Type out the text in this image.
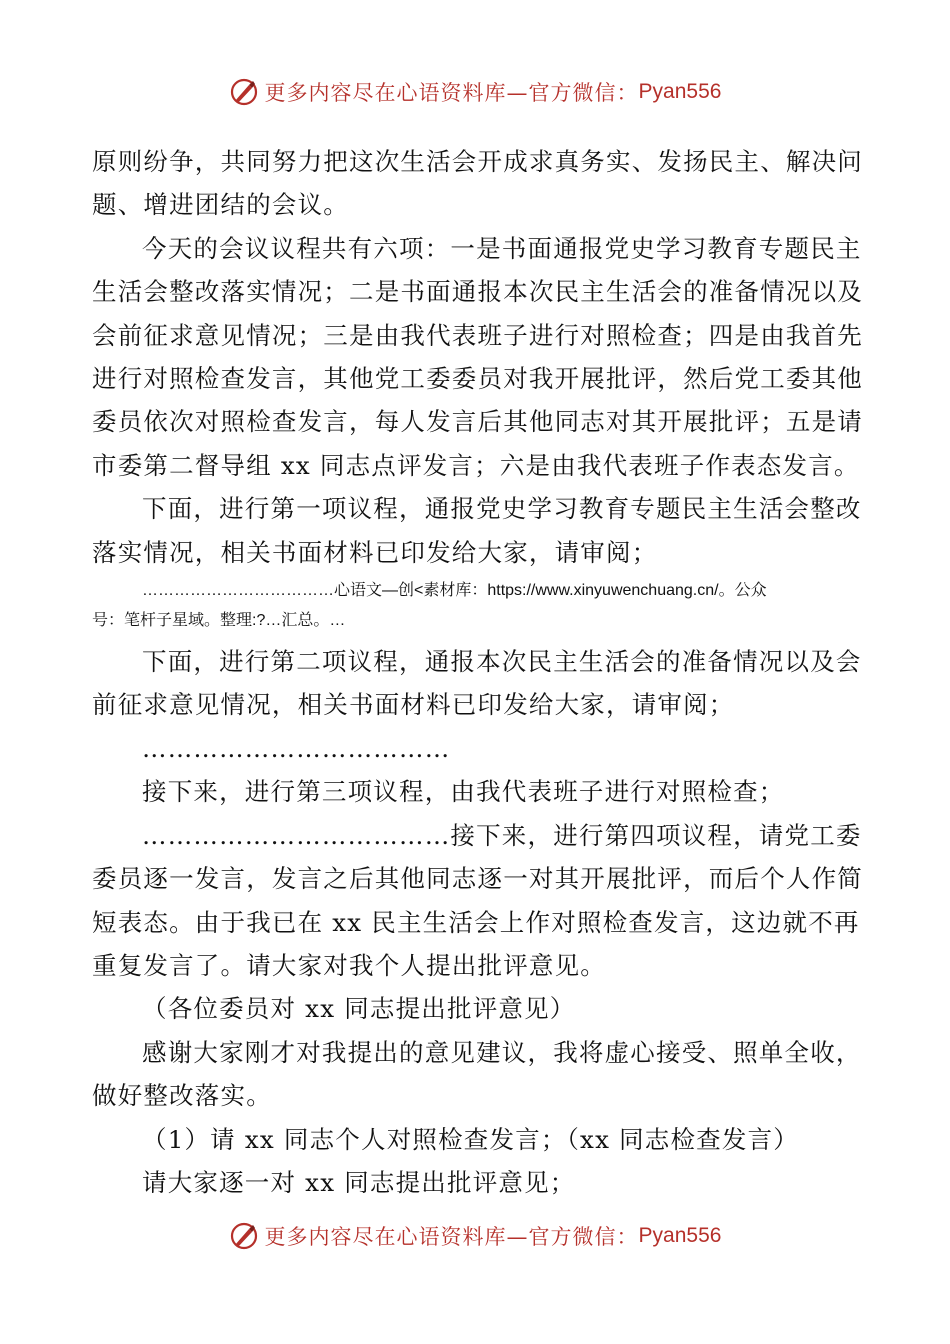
更多内容尽在心语资料库—官方微信： Pyan556
原则纷争，共同努力把这次生活会开成求真务实、发扬民主、解决问
题、增进团结的会议。
今天的会议议程共有六项：一是书面通报党史学习教育专题民主
生活会整改落实情况；二是书面通报本次民主生活会的准备情况以及
会前征求意见情况；三是由我代表班子进行对照检查；四是由我首先
进行对照检查发言，其他党工委委员对我开展批评，然后党工委其他
委员依次对照检查发言，每人发言后其他同志对其开展批评；五是请
市委第二督导组 xx 同志点评发言；六是由我代表班子作表态发言。
下面，进行第一项议程，通报党史学习教育专题民主生活会整改
落实情况，相关书面材料已印发给大家，请审阅；
………………………………心语文—创<素材库：https://www.xinyuwenchuang.cn/。公众
号：笔杆子星域。整理:?…汇总。…
下面，进行第二项议程，通报本次民主生活会的准备情况以及会
前征求意见情况，相关书面材料已印发给大家，请审阅；
………………………………
接下来，进行第三项议程，由我代表班子进行对照检查；
………………………………接下来，进行第四项议程，请党工委
委员逐一发言，发言之后其他同志逐一对其开展批评，而后个人作简
短表态。由于我已在 xx 民主生活会上作对照检查发言，这边就不再
重复发言了。请大家对我个人提出批评意见。
（各位委员对 xx 同志提出批评意见）
感谢大家刚才对我提出的意见建议，我将虚心接受、照单全收，
做好整改落实。
（1）请 xx 同志个人对照检查发言；（xx 同志检查发言）
请大家逐一对 xx 同志提出批评意见；
更多内容尽在心语资料库—官方微信： Pyan556
